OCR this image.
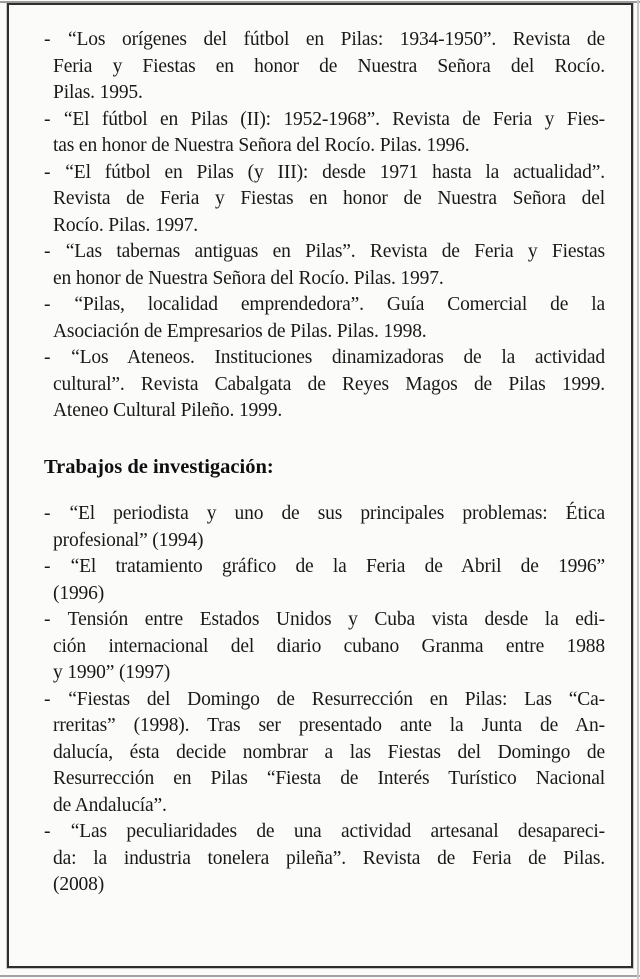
- “Los orígenes del fútbol en Pilas: 1934-1950”. Revista de
Feria y Fiestas en honor de Nuestra Señora del Rocío.
Pilas. 1995.
- “El fútbol en Pilas (II): 1952-1968”. Revista de Feria y Fies-
tas en honor de Nuestra Señora del Rocío. Pilas. 1996.
- “El fútbol en Pilas (y III): desde 1971 hasta la actualidad”.
Revista de Feria y Fiestas en honor de Nuestra Señora del
Rocío. Pilas. 1997.
- “Las tabernas antiguas en Pilas”. Revista de Feria y Fiestas
en honor de Nuestra Señora del Rocío. Pilas. 1997.
- “Pilas, localidad emprendedora”. Guía Comercial de la
Asociación de Empresarios de Pilas. Pilas. 1998.
- “Los Ateneos. Instituciones dinamizadoras de la actividad
cultural”. Revista Cabalgata de Reyes Magos de Pilas 1999.
Ateneo Cultural Pileño. 1999.
Trabajos de investigación:
- “El periodista y uno de sus principales problemas: Ética
profesional” (1994)
- “El tratamiento gráfico de la Feria de Abril de 1996”
(1996)
- Tensión entre Estados Unidos y Cuba vista desde la edi-
ción internacional del diario cubano Granma entre 1988
y 1990” (1997)
- “Fiestas del Domingo de Resurrección en Pilas: Las “Ca-
rreritas” (1998). Tras ser presentado ante la Junta de An-
dalucía, ésta decide nombrar a las Fiestas del Domingo de
Resurrección en Pilas “Fiesta de Interés Turístico Nacional
de Andalucía”.
- “Las peculiaridades de una actividad artesanal desapareci-
da: la industria tonelera pileña”. Revista de Feria de Pilas.
(2008)
